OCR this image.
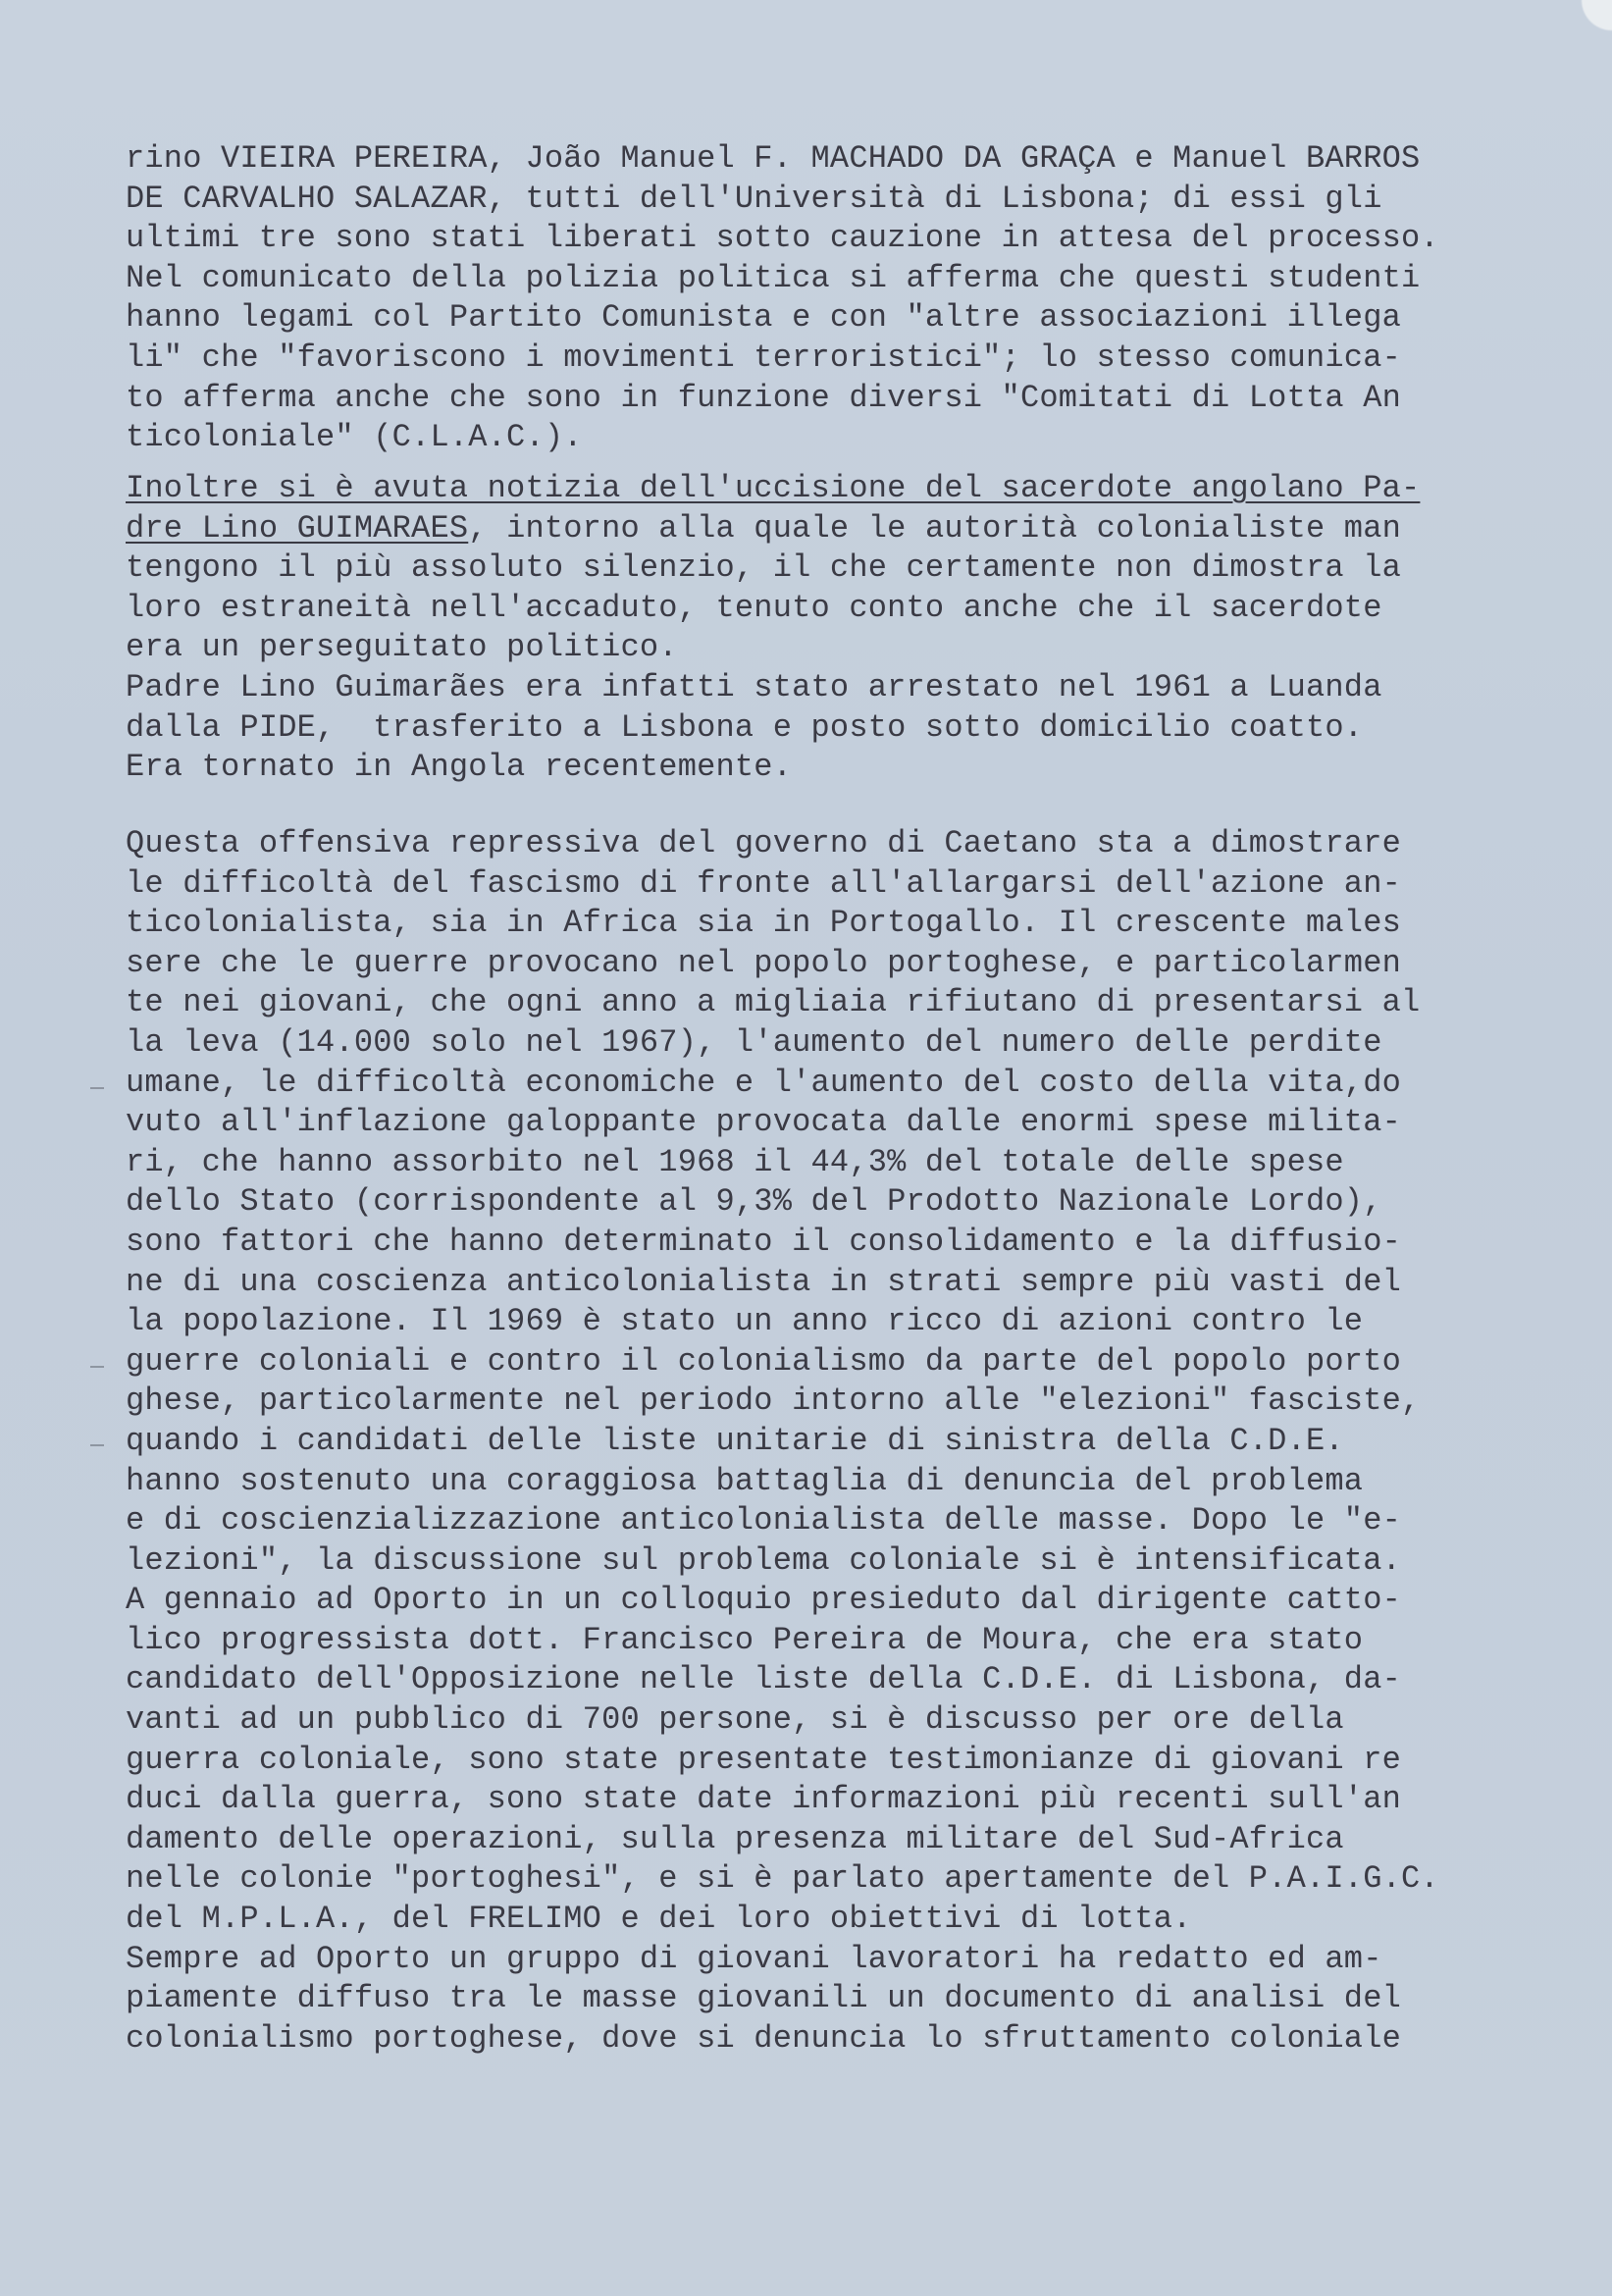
rino VIEIRA PEREIRA, João Manuel F. MACHADO DA GRAÇA e Manuel BARROS
DE CARVALHO SALAZAR, tutti dell'Università di Lisbona; di essi gli
ultimi tre sono stati liberati sotto cauzione in attesa del processo.
Nel comunicato della polizia politica si afferma che questi studenti
hanno legami col Partito Comunista e con "altre associazioni illega
li" che "favoriscono i movimenti terroristici"; lo stesso comunica-
to afferma anche che sono in funzione diversi "Comitati di Lotta An
ticoloniale" (C.L.A.C.).
Inoltre si è avuta notizia dell'uccisione del sacerdote angolano Pa-
dre Lino GUIMARAES, intorno alla quale le autorità colonialiste man
tengono il più assoluto silenzio, il che certamente non dimostra la
loro estraneità nell'accaduto, tenuto conto anche che il sacerdote
era un perseguitato politico.
Padre Lino Guimarães era infatti stato arrestato nel 1961 a Luanda
dalla PIDE,  trasferito a Lisbona e posto sotto domicilio coatto.
Era tornato in Angola recentemente.
Questa offensiva repressiva del governo di Caetano sta a dimostrare
le difficoltà del fascismo di fronte all'allargarsi dell'azione an-
ticolonialista, sia in Africa sia in Portogallo. Il crescente males
sere che le guerre provocano nel popolo portoghese, e particolarmen
te nei giovani, che ogni anno a migliaia rifiutano di presentarsi al
la leva (14.000 solo nel 1967), l'aumento del numero delle perdite
umane, le difficoltà economiche e l'aumento del costo della vita,do
vuto all'inflazione galoppante provocata dalle enormi spese milita-
ri, che hanno assorbito nel 1968 il 44,3% del totale delle spese
dello Stato (corrispondente al 9,3% del Prodotto Nazionale Lordo),
sono fattori che hanno determinato il consolidamento e la diffusio-
ne di una coscienza anticolonialista in strati sempre più vasti del
la popolazione. Il 1969 è stato un anno ricco di azioni contro le
guerre coloniali e contro il colonialismo da parte del popolo porto
ghese, particolarmente nel periodo intorno alle "elezioni" fasciste,
quando i candidati delle liste unitarie di sinistra della C.D.E.
hanno sostenuto una coraggiosa battaglia di denuncia del problema
e di coscienzializzazione anticolonialista delle masse. Dopo le "e-
lezioni", la discussione sul problema coloniale si è intensificata.
A gennaio ad Oporto in un colloquio presieduto dal dirigente catto-
lico progressista dott. Francisco Pereira de Moura, che era stato
candidato dell'Opposizione nelle liste della C.D.E. di Lisbona, da-
vanti ad un pubblico di 700 persone, si è discusso per ore della
guerra coloniale, sono state presentate testimonianze di giovani re
duci dalla guerra, sono state date informazioni più recenti sull'an
damento delle operazioni, sulla presenza militare del Sud-Africa
nelle colonie "portoghesi", e si è parlato apertamente del P.A.I.G.C.
del M.P.L.A., del FRELIMO e dei loro obiettivi di lotta.
Sempre ad Oporto un gruppo di giovani lavoratori ha redatto ed am-
piamente diffuso tra le masse giovanili un documento di analisi del
colonialismo portoghese, dove si denuncia lo sfruttamento coloniale
